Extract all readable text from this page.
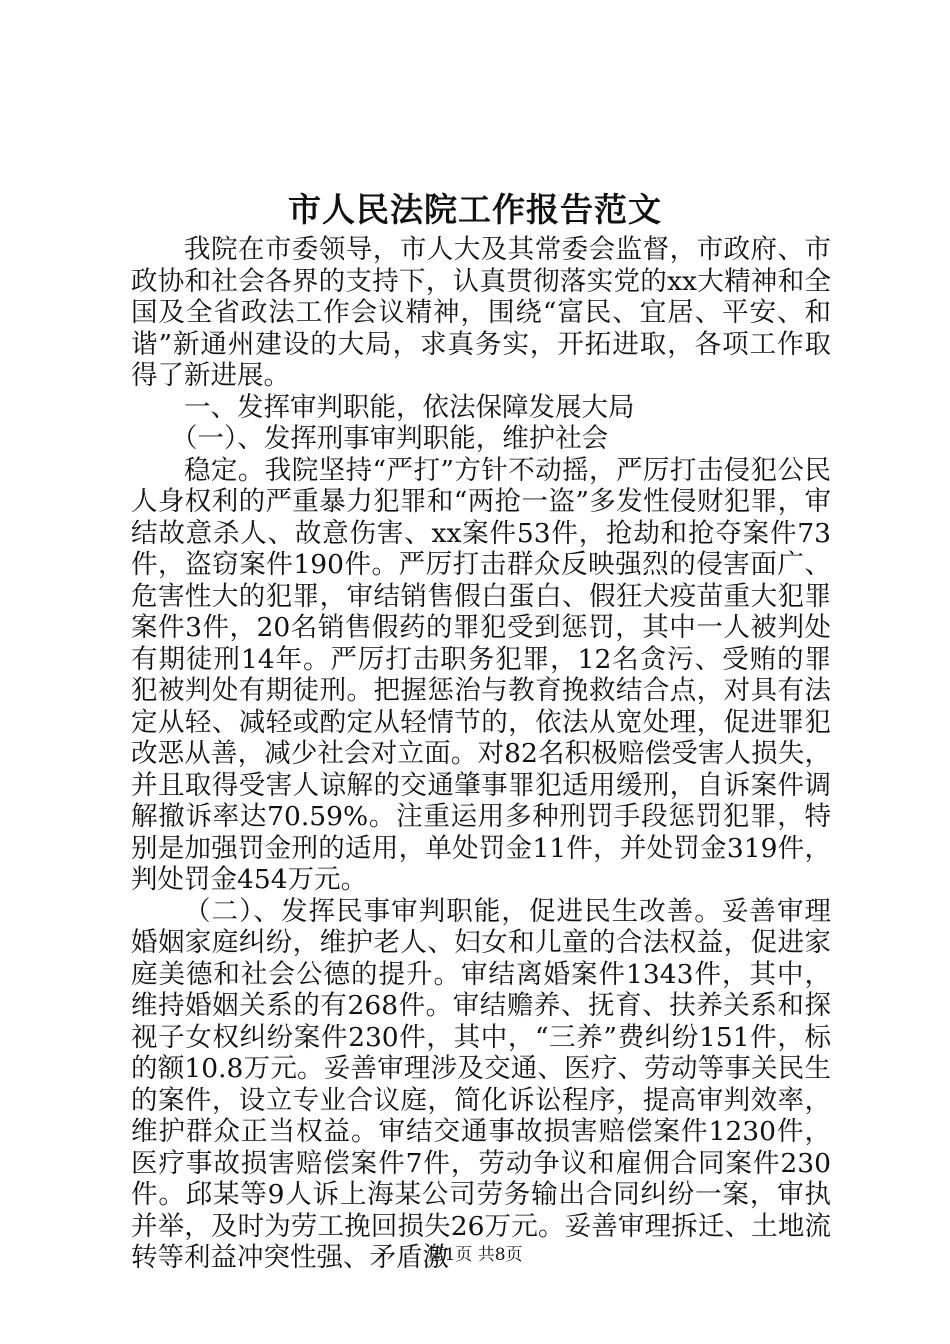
市人民法院工作报告范文

我院在市委领导，市人大及其常委会监督，市政府、市政协和社会各界的支持下，认真贯彻落实党的xx大精神和全国及全省政法工作会议精神，围绕“富民、宜居、平安、和谐”新通州建设的大局，求真务实，开拓进取，各项工作取得了新进展。

一、发挥审判职能，依法保障发展大局

（一）、发挥刑事审判职能，维护社会

稳定。我院坚持“严打”方针不动摇，严厉打击侵犯公民人身权利的严重暴力犯罪和“两抢一盗”多发性侵财犯罪，审结故意杀人、故意伤害、xx案件53件，抢劫和抢夺案件73件，盗窃案件190件。严厉打击群众反映强烈的侵害面广、危害性大的犯罪，审结销售假白蛋白、假狂犬疫苗重大犯罪案件3件，20名销售假药的罪犯受到惩罚，其中一人被判处有期徒刑14年。严厉打击职务犯罪，12名贪污、受贿的罪犯被判处有期徒刑。把握惩治与教育挽救结合点，对具有法定从轻、减轻或酌定从轻情节的，依法从宽处理，促进罪犯改恶从善，减少社会对立面。对82名积极赔偿受害人损失，并且取得受害人谅解的交通肇事罪犯适用缓刑，自诉案件调解撤诉率达70.59%。注重运用多种刑罚手段惩罚犯罪，特别是加强罚金刑的适用，单处罚金11件，并处罚金319件，判处罚金454万元。

（二）、发挥民事审判职能，促进民生改善。妥善审理婚姻家庭纠纷，维护老人、妇女和儿童的合法权益，促进家庭美德和社会公德的提升。审结离婚案件1343件，其中，维持婚姻关系的有268件。审结赡养、抚育、扶养关系和探视子女权纠纷案件230件，其中，“三养”费纠纷151件，标的额10.8万元。妥善审理涉及交通、医疗、劳动等事关民生的案件，设立专业合议庭，简化诉讼程序，提高审判效率，维护群众正当权益。审结交通事故损害赔偿案件1230件，医疗事故损害赔偿案件7件，劳动争议和雇佣合同案件230件。邱某等9人诉上海某公司劳务输出合同纠纷一案，审执并举，及时为劳工挽回损失26万元。妥善审理拆迁、土地流转等利益冲突性强、矛盾激

第1页 共8页
